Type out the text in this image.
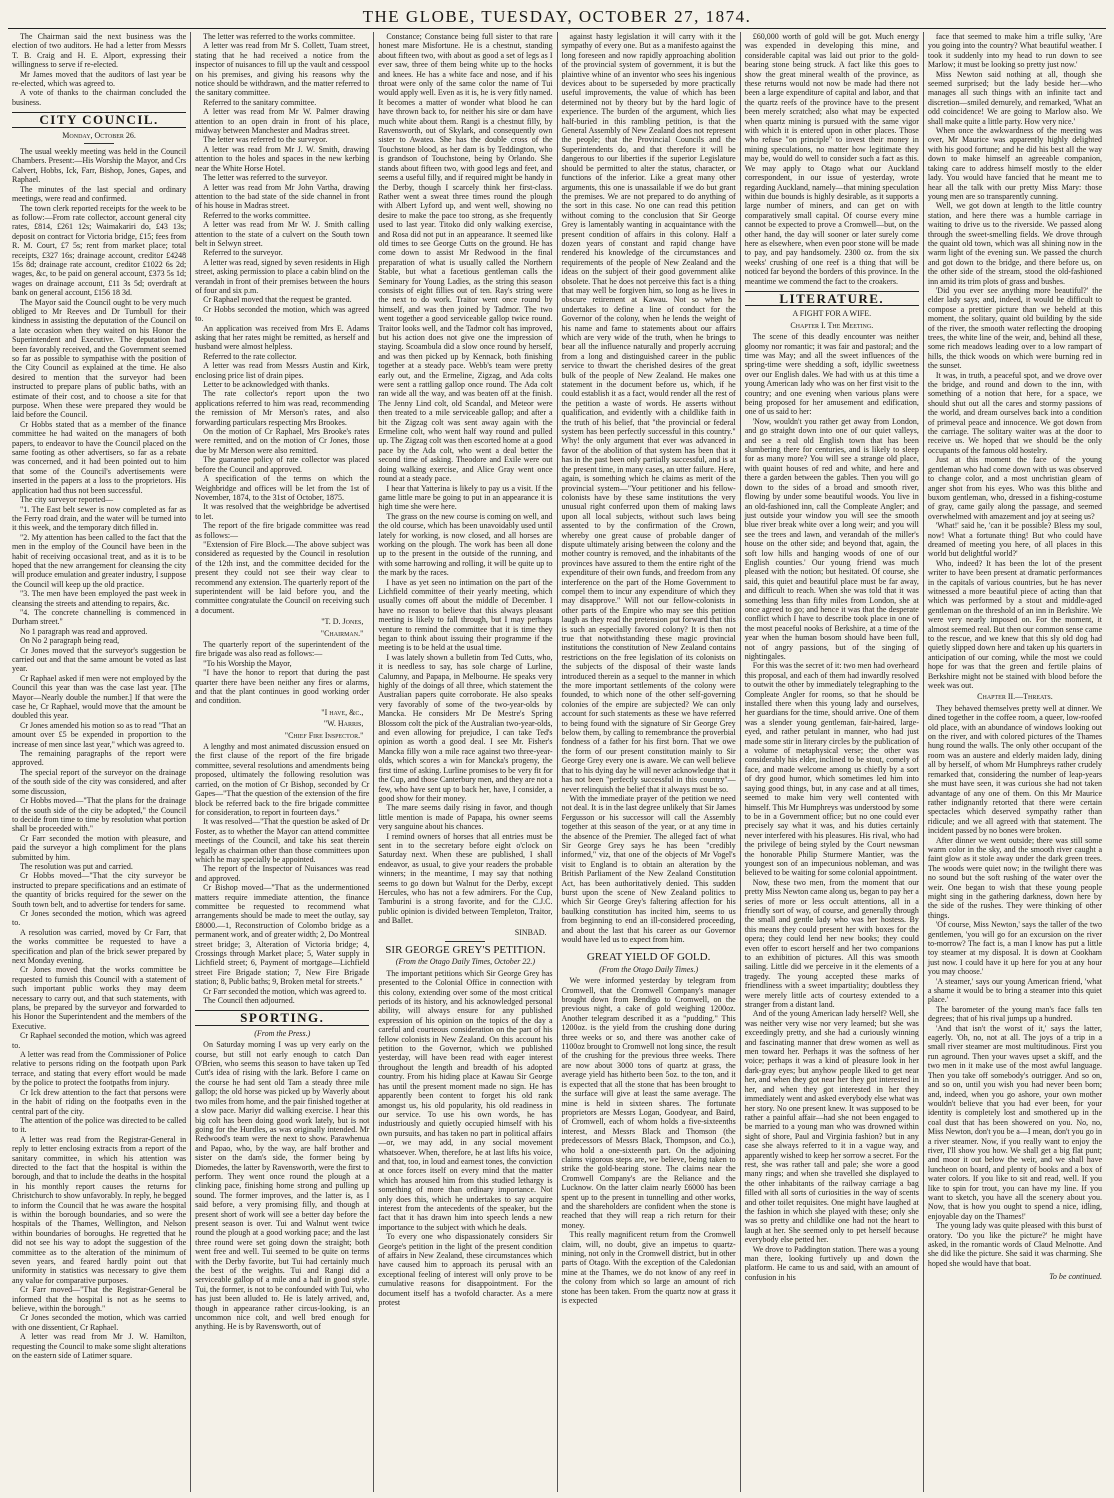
THE GLOBE, TUESDAY, OCTOBER 27, 1874.

The Chairman said the next business was the election of two auditors. He had a letter from Messrs T. B. Craig and H. E. Alport, expressing their willingness to serve if re-elected.

Mr James moved that the auditors of last year be re-elected, which was agreed to.

A vote of thanks to the chairman concluded the business.

CITY COUNCIL.
Monday, October 26.

The usual weekly meeting was held in the Council Chambers. Present:—His Worship the Mayor, and Crs Calvert, Hobbs, Ick, Farr, Bishop, Jones, Gapes, and Raphael.

The minutes of the last special and ordinary meetings, were read and confirmed.

The town clerk reported receipts for the week to be as follow:—From rate collector, account general city rates, £814, £261 12s; Waimakariri do, £43 13s; deposit on contract for Victoria bridge, £15; fees from R. M. Court, £7 5s; rent from market place; total receipts, £327 16s; drainage account, creditor £4248 15s 8d; drainage rate account, creditor £1022 6s 2d; wages, &c, to be paid on general account, £373 5s 1d; wages on drainage account, £11 3s 5d; overdraft at bank on general account, £156 18 3d.

The Mayor said the Council ought to be very much obliged to Mr Reeves and Dr Turnbull for their kindness in assisting the deputation of the Council on a late occasion when they waited on his Honor the Superintendent and Executive. The deputation had been favorably received, and the Government seemed so far as possible to sympathise with the position of the City Council as explained at the time. He also desired to mention that the surveyor had been instructed to prepare plans of public baths, with an estimate of their cost, and to choose a site for that purpose. When these were prepared they would be laid before the Council.

Cr Hobbs stated that as a member of the finance committee he had waited on the managers of both papers, to endeavor to have the Council placed on the same footing as other advertisers, so far as a rebate was concerned, and it had been pointed out to him that some of the Council's advertisements were inserted in the papers at a loss to the proprietors. His application had thus not been successful.

The city surveyor reported—

"1. The East belt sewer is now completed as far as the Ferry road drain, and the water will be turned into it this week, and the temporary ditch filled in.

"2. My attention has been called to the fact that the men in the employ of the Council have been in the habit of receiving occasional treat, and as it is to be hoped that the new arrangement for cleansing the city will produce emulation and greater industry, I suppose the Council will keep up the old practice.

"3. The men have been employed the past week in cleansing the streets and attending to repairs, &c.

"4. The concrete channelling is commenced in Durham street."

No 1 paragraph was read and approved.

On No 2 paragraph being read,

Cr Jones moved that the surveyor's suggestion be carried out and that the same amount be voted as last year.

Cr Raphael asked if men were not employed by the Council this year than was the case last year. [The Mayor—Nearly double the number.] If that were the case he, Cr Raphael, would move that the amount be doubled this year.

Cr Jones amended his motion so as to read "That an amount over £5 be expended in proportion to the increase of men since last year," which was agreed to.

The remaining paragraphs of the report were approved.

The special report of the surveyor on the drainage of the south side of the city was considered, and after some discussion,

Cr Hobbs moved—"That the plans for the drainage of the south side of the city be adopted," the Council to decide from time to time by resolution what portion shall be proceeded with."

Cr Farr seconded the motion with pleasure, and paid the surveyor a high compliment for the plans submitted by him.

The resolution was put and carried.

Cr Hobbs moved—"That the city surveyor be instructed to prepare specifications and an estimate of the quantity of bricks required for the sewer on the South town belt, and to advertise for tenders for same.

Cr Jones seconded the motion, which was agreed to.

A resolution was carried, moved by Cr Farr, that the works committee be requested to have a specification and plan of the brick sewer prepared by next Monday evening.

Cr Jones moved that the works committee be requested to furnish this Council with a statement of such important public works they may deem necessary to carry out, and that such statements, with plans, be prepared by the surveyor and forwarded to his Honor the Superintendent and the members of the Executive.

Cr Raphael seconded the motion, which was agreed to.

A letter was read from the Commissioner of Police relative to persons riding on the footpath upon Park terrace, and stating that every effort would be made by the police to protect the footpaths from injury.

Cr Ick drew attention to the fact that persons were in the habit of riding on the footpaths even in the central part of the city.

The attention of the police was directed to be called to it.

A letter was read from the Registrar-General in reply to letter enclosing extracts from a report of the sanitary committee, in which his attention was directed to the fact that the hospital is within the borough, and that to include the deaths in the hospital in his monthly report causes the returns for Christchurch to show unfavorably. In reply, he begged to inform the Council that he was aware the hospital is within the borough boundaries, and so were the hospitals of the Thames, Wellington, and Nelson within boundaries of boroughs. He regretted that he did not see his way to adopt the suggestion of the committee as to the alteration of the minimum of seven years, and feared hardly point out that uniformity in statistics was necessary to give them any value for comparative purposes.

Cr Farr moved—"That the Registrar-General be informed that the hospital is not as he seems to believe, within the borough."

Cr Jones seconded the motion, which was carried with one dissentient, Cr Raphael.

A letter was read from Mr J. W. Hamilton, requesting the Council to make some slight alterations on the eastern side of Latimer square.

The letter was referred to the works committee.

A letter was read from Mr S. Collett, Tuam street, stating that he had received a notice from the inspector of nuisances to fill up the vault and cesspool on his premises, and giving his reasons why the notice should be withdrawn, and the matter referred to the sanitary committee.

Referred to the sanitary committee.

A letter was read from Mr W. Palmer drawing attention to an open drain in front of his place, midway between Manchester and Madras street.

The letter was referred to the surveyor.

A letter was read from Mr J. W. Smith, drawing attention to the holes and spaces in the new kerbing near the White Horse Hotel.

The letter was referred to the surveyor.

A letter was read from Mr John Vartha, drawing attention to the bad state of the side channel in front of his house in Madras street.

Referred to the works committee.

A letter was read from Mr W. J. Smith calling attention to the state of a culvert on the South town belt in Selwyn street.

Referred to the surveyor.

A letter was read, signed by seven residents in High street, asking permission to place a cabin blind on the verandah in front of their premises between the hours of four and six p.m.

Cr Raphael moved that the request be granted.

Cr Hobbs seconded the motion, which was agreed to.

An application was received from Mrs E. Adams asking that her rates might be remitted, as herself and husband were almost helpless.

Referred to the rate collector.

A letter was read from Messrs Austin and Kirk, enclosing price list of drain pipes.

Letter to be acknowledged with thanks.

The rate collector's report upon the two applications referred to him was read, recommending the remission of Mr Merson's rates, and also forwarding particulars respecting Mrs Brookes.

On the motion of Cr Raphael, Mrs Brooke's rates were remitted, and on the motion of Cr Jones, those due by Mr Merson were also remitted.

The guarantee policy of rate collector was placed before the Council and approved.

A specification of the terms on which the Weighbridge and offices will be let from the 1st of November, 1874, to the 31st of October, 1875.

It was resolved that the weighbridge be advertised to let.

The report of the fire brigade committee was read as follows:—

"Extension of Fire Block.—The above subject was considered as requested by the Council in resolution of the 12th inst, and the committee decided for the present they could not see their way clear to recommend any extension. The quarterly report of the superintendent will be laid before you, and the committee congratulate the Council on receiving such a document.

"T. D. Jones,
"Chairman."

The quarterly report of the superintendent of the fire brigade was also read as follows:—

"To his Worship the Mayor,

"I have the honor to report that during the past quarter there have been neither any fires or alarms, and that the plant continues in good working order and condition.

"I have, &c.,
"W. Harris,
"Chief Fire Inspector."

A lengthy and most animated discussion ensued on the first clause of the report of the fire brigade committee, several resolutions and amendments being proposed, ultimately the following resolution was carried, on the motion of Cr Bishop, seconded by Cr Gapes—"That the question of the extension of the fire block be referred back to the fire brigade committee for consideration, to report in fourteen days."

It was resolved—"That the question be asked of Dr Foster, as to whether the Mayor can attend committee meetings of the Council, and take his seat therein legally as chairman other than those committees upon which he may specially be appointed.

The report of the Inspector of Nuisances was read and approved.

Cr Bishop moved—"That as the undermentioned matters require immediate attention, the finance committee be requested to recommend what arrangements should be made to meet the outlay, say £8000.—1, Reconstruction of Colombo bridge as a permanent work, and of greater width; 2, Do Montreal street bridge; 3, Alteration of Victoria bridge; 4, Crossings through Market place; 5, Water supply in Lichfield street; 6, Payment of mortgage—Lichfield street Fire Brigade station; 7, New Fire Brigade station; 8, Public baths; 9, Broken metal for streets."

Cr Farr seconded the motion, which was agreed to.

The Council then adjourned.

SPORTING.
(From the Press.)

On Saturday morning I was up very early on the course, but still not early enough to catch Dan O'Brien, who seems this season to have taken up Ted Cutt's idea of rising with the lark. Before I came on the course he had sent old Tam a steady three mile gallop; the old horse was picked up by Waverly about two miles from home, and the pair finished together at a slow pace. Mariyr did walking exercise. I hear this big colt has been doing good work lately, but is not going for the Hurdles, as was originally intended. Mr Redwood's team were the next to show. Parawhenua and Papao, who, by the way, are half brother and sister on the dam's side, the former being by Diomedes, the latter by Ravensworth, were the first to perform. They went once round the plough at a clinking pace, finishing home strong and pulling up sound. The former improves, and the latter is, as I said before, a very promising filly, and though at present short of work will see a better day before the present season is over. Tui and Walnut went twice round the plough at a good working pace; and the last three round were set going down the straight; both went free and well. Tui seemed to be quite on terms with the Derby favorite, but Tui had certainly much the best of the weights. Tui and Rangi did a serviceable gallop of a mile and a half in good style. Tui, the former, is not to be confounded with Tui, who has just been alluded to. He is lately arrived, and, though in appearance rather circus-looking, is an uncommon nice colt, and well bred enough for anything. He is by Ravensworth, out of

Constance; Constance being full sister to that rare honest mare Misfortune. He is a chestnut, standing about fifteen two, with about as good a set of legs as I ever saw, three of them being white up to the hocks and knees. He has a white face and nose, and if his throat were only of the same color the name of Tui would apply well. Even as it is, he is very fitly named. It becomes a matter of wonder what blood he can have thrown back to, for neither his sire or dam have much white about them. Rangi is a chestnut filly, by Ravensworth, out of Skylark, and consequently own sister to Awatea. She has the double cross of the Touchstone blood, as her dam is by Teddington, who is grandson of Touchstone, being by Orlando. She stands about fifteen two, with good legs and feet, and seems a useful filly, and if required might be handy in the Derby, though I scarcely think her first-class. Rather went a sweat three times round the plough with Albert Lyford up, and went well, showing no desire to make the pace too strong, as she frequently used to last year. Titoko did only walking exercise, and Rosa did not put in an appearance. It seemed like old times to see George Cutts on the ground. He has come down to assist Mr Redwood in the final preparation of what is usually called the Northern Stable, but what a facetious gentleman calls the Seminary for Young Ladies, as the string this season consists of eight fillies out of ten. Ray's string were the next to do work. Traitor went once round by himself, and was then joined by Tadmor. The two went together a good serviceable gallop twice round. Traitor looks well, and the Tadmor colt has improved, but his action does not give one the impression of staying. Scoambula did a slow once round by herself, and was then picked up by Kennack, both finishing together at a steady pace. Webb's team were pretty early out, and the Ermeline, Zigzag, and Ada colts were sent a rattling gallop once round. The Ada colt ran wide all the way, and was beaten off at the finish. The Jenny Lind colt, old Scandal, and Meteor were then treated to a mile serviceable gallop; and after a bit the Zigzag colt was sent away again with the Ermeline colt, who went half way round and pulled up. The Zigzag colt was then escorted home at a good pace by the Ada colt, who went a deal better the second time of asking. Theodore and Exile were out doing walking exercise, and Alice Gray went once round at a steady pace.

I hear that Yatterina is likely to pay us a visit. If the game little mare be going to put in an appearance it is high time she were here.

The grass on the new course is coming on well, and the old course, which has been unavoidably used until lately for working, is now closed, and all horses are working on the plough. The work has been all done up to the present in the outside of the running, and with some harrowing and rolling, it will be quite up to the mark by the races.

I have as yet seen no intimation on the part of the Lichfield committee of their yearly meeting, which usually comes off about the middle of December. I have no reason to believe that this always pleasant meeting is likely to fall through, but I may perhaps venture to remind the committee that it is time they began to think about issuing their programme if the meeting is to be held at the usual time.

I was lately shown a bulletin from Ted Cutts, who, it is needless to say, has sole charge of Lurline, Calumny, and Papapa, in Melbourne. He speaks very highly of the doings of all three, which statement the Australian papers quite corroborate. He also speaks very favorably of some of the two-year-olds by Mancka. He considers Mr De Mestre's Spring Blossom colt the pick of the Australian two-year-olds, and even allowing for prejudice, I can take Ted's opinion as worth a good deal. I see Mr. Fisher's Mancka filly won a mile race against two three-year-olds, which scores a win for Mancka's progeny, the first time of asking. Lurline promises to be very fit for the Cup, and those Canterbury men, and they are not a few, who have sent up to back her, have, I consider, a good show for their money.

The mare seems daily rising in favor, and though little mention is made of Papapa, his owner seems very sanguine about his chances.

I remind owners of horses that all entries must be sent in to the secretary before eight o'clock on Saturday next. When these are published, I shall endeavor, as usual, to give your readers the probable winners; in the meantime, I may say that nothing seems to go down but Walnut for the Derby, except Hercules, who has not a few admirers. For the Cup, Tamburini is a strong favorite, and for the C.J.C. public opinion is divided between Templeton, Traitor, and Ballet.

SINBAD.
SIR GEORGE GREY'S PETITION.
(From the Otago Daily Times, October 22.)

The important petitions which Sir George Grey has presented to the Colonial Office in connection with this colony, extending over some of the most critical periods of its history, and his acknowledged personal ability, will always ensure for any published expression of his opinion on the topics of the day a careful and courteous consideration on the part of his fellow colonists in New Zealand. On this account his petition to the Governor, which we published yesterday, will have been read with eager interest throughout the length and breadth of his adopted country. From his hiding place at Kawau Sir George has until the present moment made no sign. He has apparently been content to forget his old rank amongst us, his old popularity, his old readiness in our service. To use his own words, he has industriously and quietly occupied himself with his own pursuits, and has taken no part in political affairs—or, we may add, in any social movement whatsoever. When, therefore, he at last lifts his voice, and that, too, in loud and earnest tones, the conviction at once forces itself on every mind that the matter which has aroused him from this studied lethargy is something of more than ordinary importance. Not only does this, which he undertakes to say acquire interest from the antecedents of the speaker, but the fact that it has drawn him into speech lends a new importance to the subject with which he deals.

To every one who dispassionately considers Sir George's petition in the light of the present condition of affairs in New Zealand, these circumstances which have caused him to approach its perusal with an exceptional feeling of interest will only prove to be cumulative reasons for disappointment. For the document itself has a twofold character. As a mere protest

against hasty legislation it will carry with it the sympathy of every one. But as a manifesto against the long foreseen and now rapidly approaching abolition of the provincial system of government, it is but the plaintive whine of an inventor who sees his ingenious devices about to be superseded by more practically useful improvements, the value of which has been determined not by theory but by the hard logic of experience. The burden of the argument, which lies half-buried in this rambling petition, is that the General Assembly of New Zealand does not represent the people; that the Provincial Councils and the Superintendents do, and that therefore it will be dangerous to our liberties if the superior Legislature should be permitted to alter the status, character, or functions of the inferior. Like a great many other arguments, this one is unassailable if we do but grant the premises. We are not prepared to do anything of the sort in this case. No one can read this petition without coming to the conclusion that Sir George Grey is lamentably wanting in acquaintance with the present condition of affairs in this colony. Half a dozen years of constant and rapid change have rendered his knowledge of the circumstances and requirements of the people of New Zealand and the ideas on the subject of their good government alike obsolete. That he does not perceive this fact is a thing that may well be forgiven him, so long as he lives in obscure retirement at Kawau. Not so when he undertakes to define a line of conduct for the Governor of the colony, when he lends the weight of his name and fame to statements about our affairs which are very wide of the truth, when he brings to bear all the influence naturally and properly accruing from a long and distinguished career in the public service to thwart the cherished desires of the great bulk of the people of New Zealand. He makes one statement in the document before us, which, if he could establish it as a fact, would render all the rest of the petition a waste of words. He asserts without qualification, and evidently with a childlike faith in the truth of his belief, that "the provincial or federal system has been perfectly successful in this country." Why! the only argument that ever was advanced in favor of the abolition of that system has been that it has in the past been only partially successful, and is at the present time, in many cases, an utter failure. Here, again, is something which he claims as merit of the provincial system—"Your petitioner and his fellow-colonists have by these same institutions the very unusual right conferred upon them of making laws upon all local subjects, without such laws being assented to by the confirmation of the Crown, whereby one great cause of probable danger of dispute ultimately arising between the colony and the mother country is removed, and the inhabitants of the provinces have assured to them the entire right of the expenditure of their own funds, and freedom from any interference on the part of the Home Government to compel them to incur any expenditure of which they may disapprove." Will not our fellow-colonists in other parts of the Empire who may see this petition laugh as they read the pretension put forward that this is such an especially favored colony? It is then not true that notwithstanding these magic provincial institutions the constitution of New Zealand contains restrictions on the free legislation of its colonists on the subjects of the disposal of their waste lands introduced therein as a sequel to the manner in which the more important settlements of the colony were founded, to which none of the other self-governing colonies of the empire are subjected? We can only account for such statements as these we have referred to being found with the signature of Sir George Grey below them, by calling to remembrance the proverbial fondness of a father for his first born. That we owe the form of our present constitution mainly to Sir George Grey every one is aware. We can well believe that to his dying day he will never acknowledge that it has not been "perfectly successful in this country"—never relinquish the belief that it always must be so.

With the immediate prayer of the petition we need not deal. It is in the last degree unlikely that Sir James Fergusson or his successor will call the Assembly together at this season of the year, or at any time in the absence of the Premier. The alleged fact of what Sir George Grey says he has been "credibly informed," viz, that one of the objects of Mr Vogel's visit to England is to obtain an alteration by the British Parliament of the New Zealand Constitution Act, has been authoritatively denied. This sudden burst upon the scene of New Zealand politics to which Sir George Grey's faltering affection for his baulking constitution has incited him, seems to us from beginning to end an ill-considered proceeding, and about the last that his career as our Governor would have led us to expect from him.

GREAT YIELD OF GOLD.
(From the Otago Daily Times.)

We were informed yesterday by telegram from Cromwell, that the Cromwell Company's manager brought down from Bendigo to Cromwell, on the previous night, a cake of gold weighing 1200oz. Another telegram described it as a "pudding." This 1200oz. is the yield from the crushing done during three weeks or so, and there was another cake of 1100oz brought to Cromwell not long since, the result of the crushing for the previous three weeks. There are now about 3000 tons of quartz at grass, the average yield has hitherto been 5oz. to the ton, and it is expected that all the stone that has been brought to the surface will give at least the same average. The mine is held in sixteen shares. The fortunate proprietors are Messrs Logan, Goodyear, and Baird, of Cromwell, each of whom holds a five-sixteenths interest, and Messrs Black and Thomson (the predecessors of Messrs Black, Thompson, and Co.), who hold a one-sixteenth part. On the adjoining claims vigorous steps are, we believe, being taken to strike the gold-bearing stone. The claims near the Cromwell Company's are the Reliance and the Lucknow. On the latter claim nearly £6000 has been spent up to the present in tunnelling and other works, and the shareholders are confident when the stone is reached that they will reap a rich return for their money.

This really magnificent return from the Cromwell claim, will, no doubt, give an impetus to quartz-mining, not only in the Cromwell district, but in other parts of Otago. With the exception of the Caledonian mine at the Thames, we do not know of any reef in the colony from which so large an amount of rich stone has been taken. From the quartz now at grass it is expected

£60,000 worth of gold will be got. Much energy was expended in developing this mine, and considerable capital was laid out prior to the gold-bearing stone being struck. A fact like this goes to show the great mineral wealth of the province, as these returns would not now be made had there not been a large expenditure of capital and labor, and that the quartz reefs of the province have to the present been merely scratched; also what may be expected when quartz mining is pursued with the same vigor with which it is entered upon in other places. Those who refuse "on principle" to invest their money in mining speculations, no matter how legitimate they may be, would do well to consider such a fact as this. We may apply to Otago what our Auckland correspondent, in our issue of yesterday, wrote regarding Auckland, namely—that mining speculation within due bounds is highly desirable, as it supports a large number of miners, and can get on with comparatively small capital. Of course every mine cannot be expected to prove a Cromwell—but, on the other hand, the day will sooner or later surely come here as elsewhere, when even poor stone will be made to pay, and pay handsomely. 2300 oz. from the six weeks' crushing of one reef is a thing that will be noticed far beyond the borders of this province. In the meantime we commend the fact to the croakers.

LITERATURE.
A FIGHT FOR A WIFE.
Chapter I. The Meeting.

The scene of this deadly encounter was neither gloomy nor romantic; it was fair and pastoral; and the time was May; and all the sweet influences of the spring-time were shedding a soft, idyllic sweetness over our English dales. We had with us at this time a young American lady who was on her first visit to the country; and one evening when various plans were being proposed for her amusement and edification, one of us said to her:

'Now, wouldn't you rather get away from London, and go straight down into one of our quiet valleys, and see a real old English town that has been slumbering there for centuries, and is likely to sleep for as many more? You will see a strange old place, with quaint houses of red and white, and here and there a garden between the gables. Then you will go down to the sides of a broad and smooth river, flowing by under some beautiful woods. You live in an old-fashioned inn, call the Compleate Angler; and just outside your window you will see the smooth blue river break white over a long weir; and you will see the trees and lawn, and verandah of the miller's house on the other side; and beyond that, again, the soft low hills and hanging woods of one of our English counties.' Our young friend was much pleased with the notion; but hesitated. Of course, she said, this quiet and beautiful place must be far away, and difficult to reach. When she was told that it was something less than fifty miles from London, she at once agreed to go; and hence it was that the desperate conflict which I have to describe took place in one of the most peaceful nooks of Berkshire, at a time of the year when the human bosom should have been full, not of angry passions, but of the singing of nightingales.

For this was the secret of it: two men had overheard this proposal, and each of them had inwardly resolved to outwit the other by immediately telegraphing to the Compleate Angler for rooms, so that he should be installed there when this young lady and ourselves, her guardians for the time, should arrive. One of them was a slender young gentleman, fair-haired, large-eyed, and rather petulant in manner, who had just made some stir in literary circles by the publication of a volume of metaphysical verse; the other was considerably his elder, inclined to be stout, comely of face, and made welcome among us chiefly by a sort of dry good humor, which sometimes led him into saying good things, but, in any case and at all times, seemed to make him very well contented with himself. This Mr Humphreys was understood by some to be in a Government office; but no one could ever precisely say what it was, and his duties certainly never interfered with his pleasures. His rival, who had the privilege of being styled by the Court newsman the honorable Philip Sturmere Mantier, was the youngest son of an impecunious nobleman, and was believed to be waiting for some colonial appointment.

Now, these two men, from the moment that our pretty Miss Newton came along us, began to pay her a series of more or less occult attentions, all in a friendly sort of way, of course, and generally through the small and gentle lady who was her hostess. By this means they could present her with boxes for the opera; they could lend her new books; they could even offer to escort herself and her two companions to an exhibition of pictures. All this was smooth sailing. Little did we perceive in it the elements of a tragedy. The young accepted these marks of friendliness with a sweet impartiality; doubtless they were merely little acts of courtesy extended to a stranger from a distant land.

And of the young American lady herself? Well, she was neither very wise nor very learned; but she was exceedingly pretty, and she had a curiously winning and fascinating manner that drew women as well as men toward her. Perhaps it was the softness of her voice; perhaps it was a kind of pleasure look in her dark-gray eyes; but anyhow people liked to get near her, and when they got near her they got interested in her, and when they got interested in her they immediately went and asked everybody else what was her story. No one present knew. It was supposed to be rather a painful affair—had she not been engaged to be married to a young man who was drowned within sight of shore, Paul and Virginia fashion? but in any case she always referred to it in a vague way, and apparently wished to keep her sorrow a secret. For the rest, she was rather tall and pale; she wore a good many rings; and when she travelled she displayed to the other inhabitants of the railway carriage a bag filled with all sorts of curiosities in the way of scents and other toilet requisites. One might have laughed at the fashion in which she played with these; only she was so pretty and childlike one had not the heart to laugh at her. She seemed only to pet herself because everybody else petted her.

We drove to Paddington station. There was a young man there, looking furtively up and down the platform. He came to us and said, with an amount of confusion in his

face that seemed to make him a trifle sulky, 'Are you going into the country? What beautiful weather. I took it suddenly into my head to run down to see Marlow; it must be looking so pretty just now.'

Miss Newton said nothing at all, though she seemed surprised; but the lady beside her—who manages all such things with an infinite tact and discretion—smiled demurely, and remarked, 'What an odd coincidence! We are going to Marlow also. We shall make quite a little party. How very nice.'

When once the awkwardness of the meeting was over, Mr Maurice was apparently highly delighted with his good fortune; and he did his best all the way down to make himself an agreeable companion, taking care to address himself mostly to the elder lady. You would have fancied that he meant me to hear all the talk with our pretty Miss Mary: those young men are so transparently cunning.

Well, we got down at length to the little country station, and here there was a humble carriage in waiting to drive us to the riverside. We passed along through the sweet-smelling fields. We drove through the quaint old town, which was all shining now in the warm light of the evening sun. We passed the church and got down to the bridge, and there before us, on the other side of the stream, stood the old-fashioned inn amid its trim plots of grass and bushes.

'Did you ever see anything more beautiful?' the elder lady says; and, indeed, it would be difficult to compose a prettier picture than we beheld at this moment, the solitary, quaint old building by the side of the river, the smooth water reflecting the drooping trees, the white line of the weir, and, behind all these, some rich meadows leading over to a low rampart of hills, the thick woods on which were burning red in the sunset.

It was, in truth, a peaceful spot, and we drove over the bridge, and round and down to the inn, with something of a notion that here, for a space, we should shut out all the cares and stormy passions of the world, and dream ourselves back into a condition of primeval peace and innocence. We got down from the carriage. The solitary waiter was at the door to receive us. We hoped that we should be the only occupants of the famous old hostelry.

Just at this moment the face of the young gentleman who had come down with us was observed to change color, and a most unchristian gleam of anger shot from his eyes. Who was this blithe and buxom gentleman, who, dressed in a fishing-costume of gray, came gaily along the passage, and seemed overwhelmed with amazement and joy at seeing us?

'What!' said he, 'can it be possible? Bless my soul, now! What a fortunate thing! But who could have dreamed of meeting you here, of all places in this world but delightful world?'

Who, indeed? It has been the lot of the present writer to have been present at dramatic performances in the capitals of various countries, but he has never witnessed a more beautiful piece of acting than that which was performed by a stout and middle-aged gentleman on the threshold of an inn in Berkshire. We were very nearly imposed on. For the moment, it almost seemed real. But then our common sense came to the rescue, and we knew that this sly old dog had quietly slipped down here and taken up his quarters in anticipation of our coming, while the most we could hope for was that the green and fertile plains of Berkshire might not be stained with blood before the week was out.

Chapter II.—Threats.

They behaved themselves pretty well at dinner. We dined together in the coffee room, a queer, low-roofed old place, with an abundance of windows looking out on the river, and with colored pictures of the Thames hung round the walls. The only other occupant of the room was an austere and elderly maiden lady, dining all by herself, of whom Mr Humphreys rather crudely remarked that, considering the number of leap-years she must have seen, it was curious she had not taken advantage of any one of them. On this Mr Maurice rather indignantly retorted that there were certain spectacles which deserved sympathy rather than ridicule; and we all agreed with that statement. The incident passed by no bones were broken.

After dinner we went outside; there was still some warm color in the sky, and the smooth river caught a faint glow as it stole away under the dark green trees. The woods were quiet now; in the twilight there was no sound but the soft rushing of the water over the weir. One began to wish that these young people might sing in the gathering darkness, down here by the side of the rushes. They were thinking of other things.

'Of course, Miss Newton,' says the taller of the two gentlemen, 'you will go for an excursion on the river to-morrow? The fact is, a man I know has put a little toy steamer at my disposal. It is down at Cookham just now. I could have it up here for you at any hour you may choose.'

'A steamer,' says our young American friend, 'what a shame it would be to bring a steamer into this quiet place.'

The barometer of the young man's face falls ten degrees; that of his rival jumps up a hundred.

'And that isn't the worst of it,' says the latter, eagerly. 'Oh, no, not at all. The joys of a trip in a small river steamer are most multitudinous. First you run aground. Then your waves upset a skiff, and the two men in it make use of the most awful language. Then you take off somebody's outrigger. And so on, and so on, until you wish you had never been born; and, indeed, when you go ashore, your own mother wouldn't believe that you had ever been, for your identity is completely lost and smothered up in the coal dust that has been showered on you. No, no, Miss Newton, don't you be a—I mean, don't you go in a river steamer. Now, if you really want to enjoy the river, I'll show you how. We shall get a big flat punt; and moor it out below the weir, and we shall have luncheon on board, and plenty of books and a box of water colors. If you like to sit and read, well. If you like to spin for trout, you can have my line. If you want to sketch, you have all the scenery about you. Now, that is how you ought to spend a nice, idling, enjoyable day on the Thames!'

The young lady was quite pleased with this burst of oratory. 'Do you like the picture?' he might have asked, in the romantic words of Claud Melnotte. And she did like the picture. She said it was charming. She hoped she would have that boat.

To be continued.
